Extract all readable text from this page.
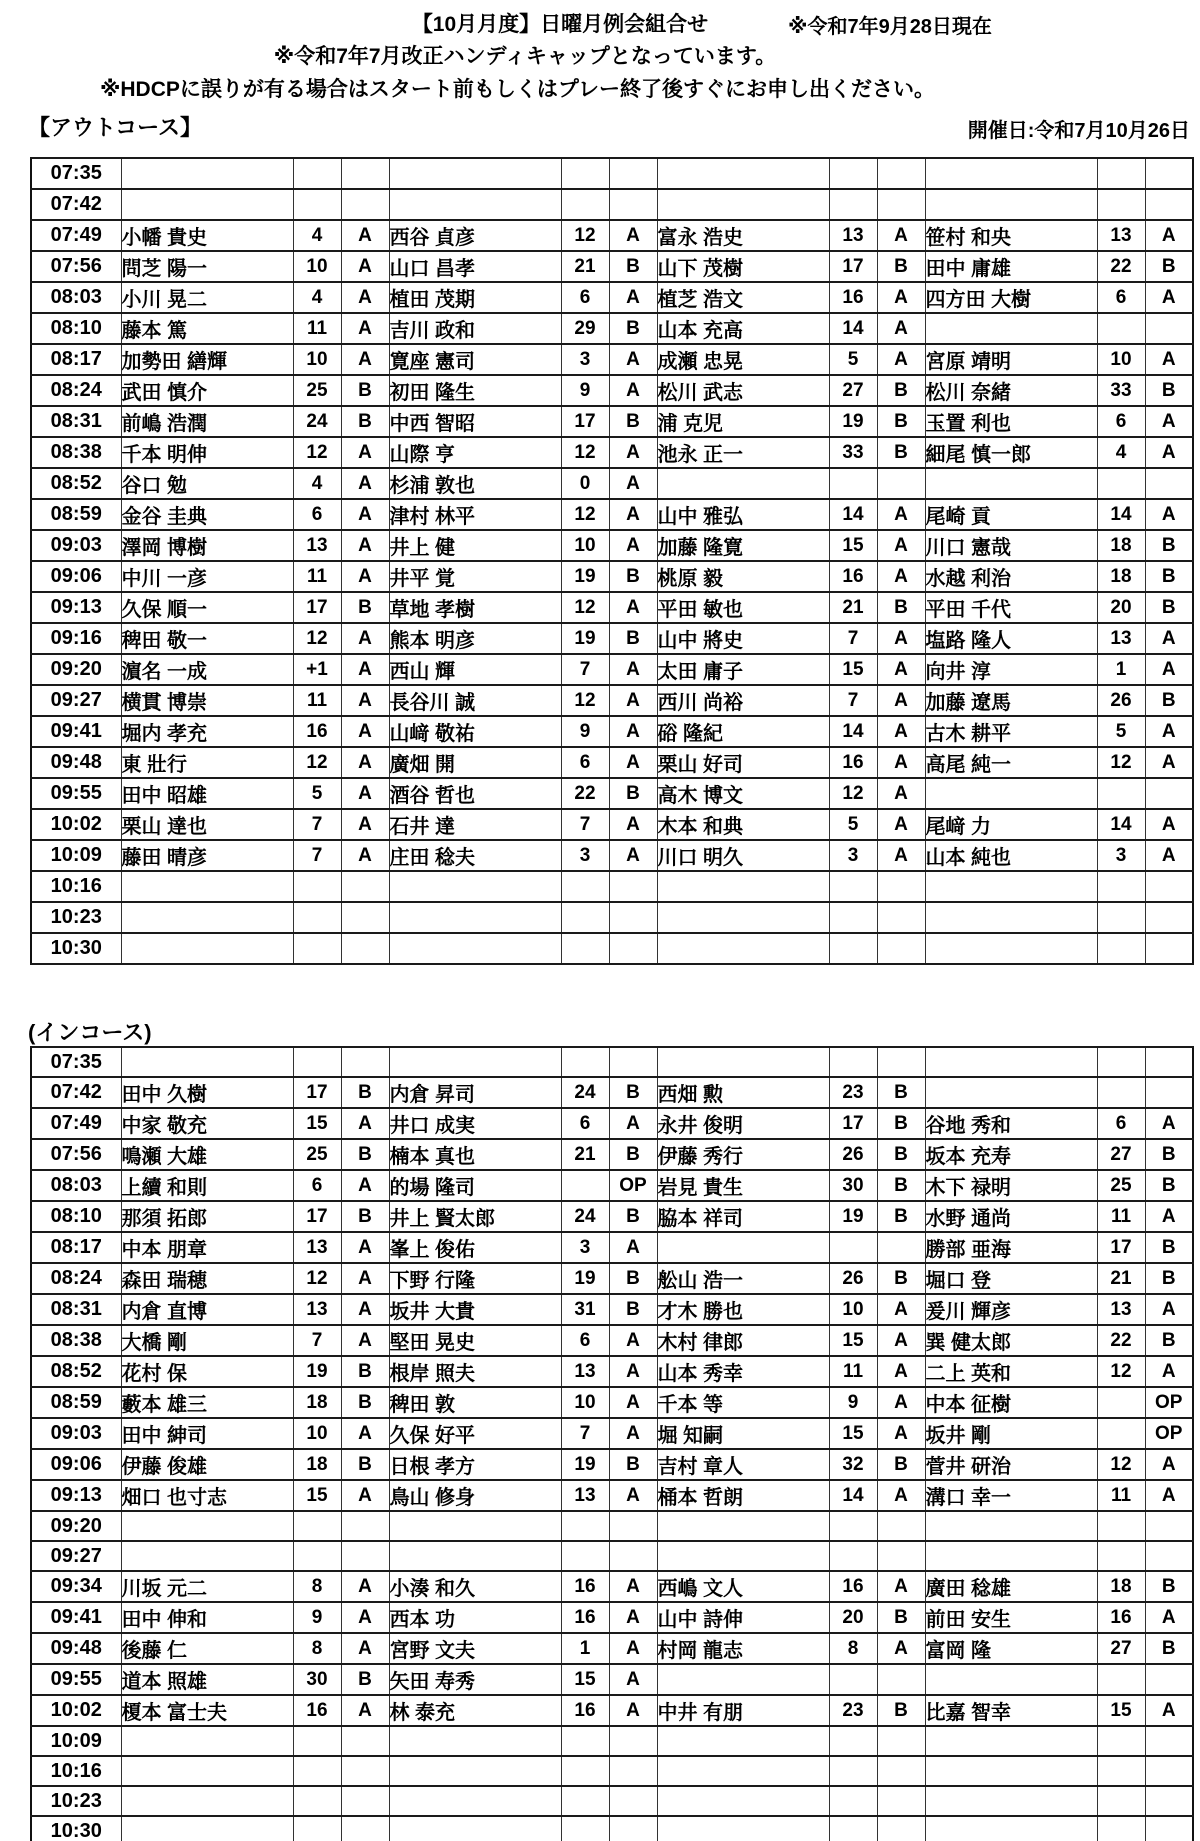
【10月月度】日曜月例会組合せ	※令和7年9月28日現在
※令和7年7月改正ハンディキャップとなっています。
※HDCPに誤りが有る場合はスタート前もしくはプレー終了後すぐにお申し出ください。
【アウトコース】	開催日:令和7月10月26日
07:35												
07:42												
07:49	小幡 貴史	4	A	西谷 貞彦	12	A	富永 浩史	13	A	笹村 和央	13	A
07:56	問芝 陽一	10	A	山口 昌孝	21	B	山下 茂樹	17	B	田中 庸雄	22	B
08:03	小川 晃二	4	A	植田 茂期	6	A	植芝 浩文	16	A	四方田 大樹	6	A
08:10	藤本 篤	11	A	吉川 政和	29	B	山本 充高	14	A			
08:17	加勢田 繕輝	10	A	寛座 憲司	3	A	成瀬 忠晃	5	A	宮原 靖明	10	A
08:24	武田 慎介	25	B	初田 隆生	9	A	松川 武志	27	B	松川 奈緒	33	B
08:31	前嶋 浩潤	24	B	中西 智昭	17	B	浦 克児	19	B	玉置 利也	6	A
08:38	千本 明伸	12	A	山際 亨	12	A	池永 正一	33	B	細尾 慎一郎	4	A
08:52	谷口 勉	4	A	杉浦 敦也	0	A						
08:59	金谷 圭典	6	A	津村 林平	12	A	山中 雅弘	14	A	尾崎 貢	14	A
09:03	澤岡 博樹	13	A	井上 健	10	A	加藤 隆寛	15	A	川口 憲哉	18	B
09:06	中川 一彦	11	A	井平 覚	19	B	桃原 毅	16	A	水越 利治	18	B
09:13	久保 順一	17	B	草地 孝樹	12	A	平田 敏也	21	B	平田 千代	20	B
09:16	稗田 敬一	12	A	熊本 明彦	19	B	山中 將史	7	A	塩路 隆人	13	A
09:20	濵名 一成	+1	A	西山 輝	7	A	太田 庸子	15	A	向井 淳	1	A
09:27	横貫 博崇	11	A	長谷川 誠	12	A	西川 尚裕	7	A	加藤 遼馬	26	B
09:41	堀内 孝充	16	A	山﨑 敬祐	9	A	硲 隆紀	14	A	古木 耕平	5	A
09:48	東 壯行	12	A	廣畑 開	6	A	栗山 好司	16	A	高尾 純一	12	A
09:55	田中 昭雄	5	A	酒谷 哲也	22	B	高木 博文	12	A			
10:02	栗山 達也	7	A	石井 達	7	A	木本 和典	5	A	尾﨑 力	14	A
10:09	藤田 晴彦	7	A	庄田 稔夫	3	A	川口 明久	3	A	山本 純也	3	A
10:16												
10:23												
10:30												
(インコース)
07:35												
07:42	田中 久樹	17	B	内倉 昇司	24	B	西畑 勲	23	B			
07:49	中家 敬充	15	A	井口 成実	6	A	永井 俊明	17	B	谷地 秀和	6	A
07:56	鳴瀬 大雄	25	B	楠本 真也	21	B	伊藤 秀行	26	B	坂本 充寿	27	B
08:03	上續 和則	6	A	的場 隆司		OP	岩見 貴生	30	B	木下 禄明	25	B
08:10	那須 拓郎	17	B	井上 賢太郎	24	B	脇本 祥司	19	B	水野 通尚	11	A
08:17	中本 朋章	13	A	峯上 俊佑	3	A				勝部 亜海	17	B
08:24	森田 瑞穂	12	A	下野 行隆	19	B	舩山 浩一	26	B	堀口 登	21	B
08:31	内倉 直博	13	A	坂井 大貴	31	B	才木 勝也	10	A	爰川 輝彦	13	A
08:38	大橋 剛	7	A	堅田 晃史	6	A	木村 律郎	15	A	巽 健太郎	22	B
08:52	花村 保	19	B	根岸 照夫	13	A	山本 秀幸	11	A	二上 英和	12	A
08:59	藪本 雄三	18	B	稗田 敦	10	A	千本 等	9	A	中本 征樹		OP
09:03	田中 紳司	10	A	久保 好平	7	A	堀 知嗣	15	A	坂井 剛		OP
09:06	伊藤 俊雄	18	B	日根 孝方	19	B	吉村 章人	32	B	菅井 研治	12	A
09:13	畑口 也寸志	15	A	鳥山 修身	13	A	桶本 哲朗	14	A	溝口 幸一	11	A
09:20												
09:27												
09:34	川坂 元二	8	A	小湊 和久	16	A	西嶋 文人	16	A	廣田 稔雄	18	B
09:41	田中 伸和	9	A	西本 功	16	A	山中 詩伸	20	B	前田 安生	16	A
09:48	後藤 仁	8	A	宮野 文夫	1	A	村岡 龍志	8	A	富岡 隆	27	B
09:55	道本 照雄	30	B	矢田 寿秀	15	A						
10:02	榎本 富士夫	16	A	林 泰充	16	A	中井 有朋	23	B	比嘉 智幸	15	A
10:09												
10:16												
10:23												
10:30												
